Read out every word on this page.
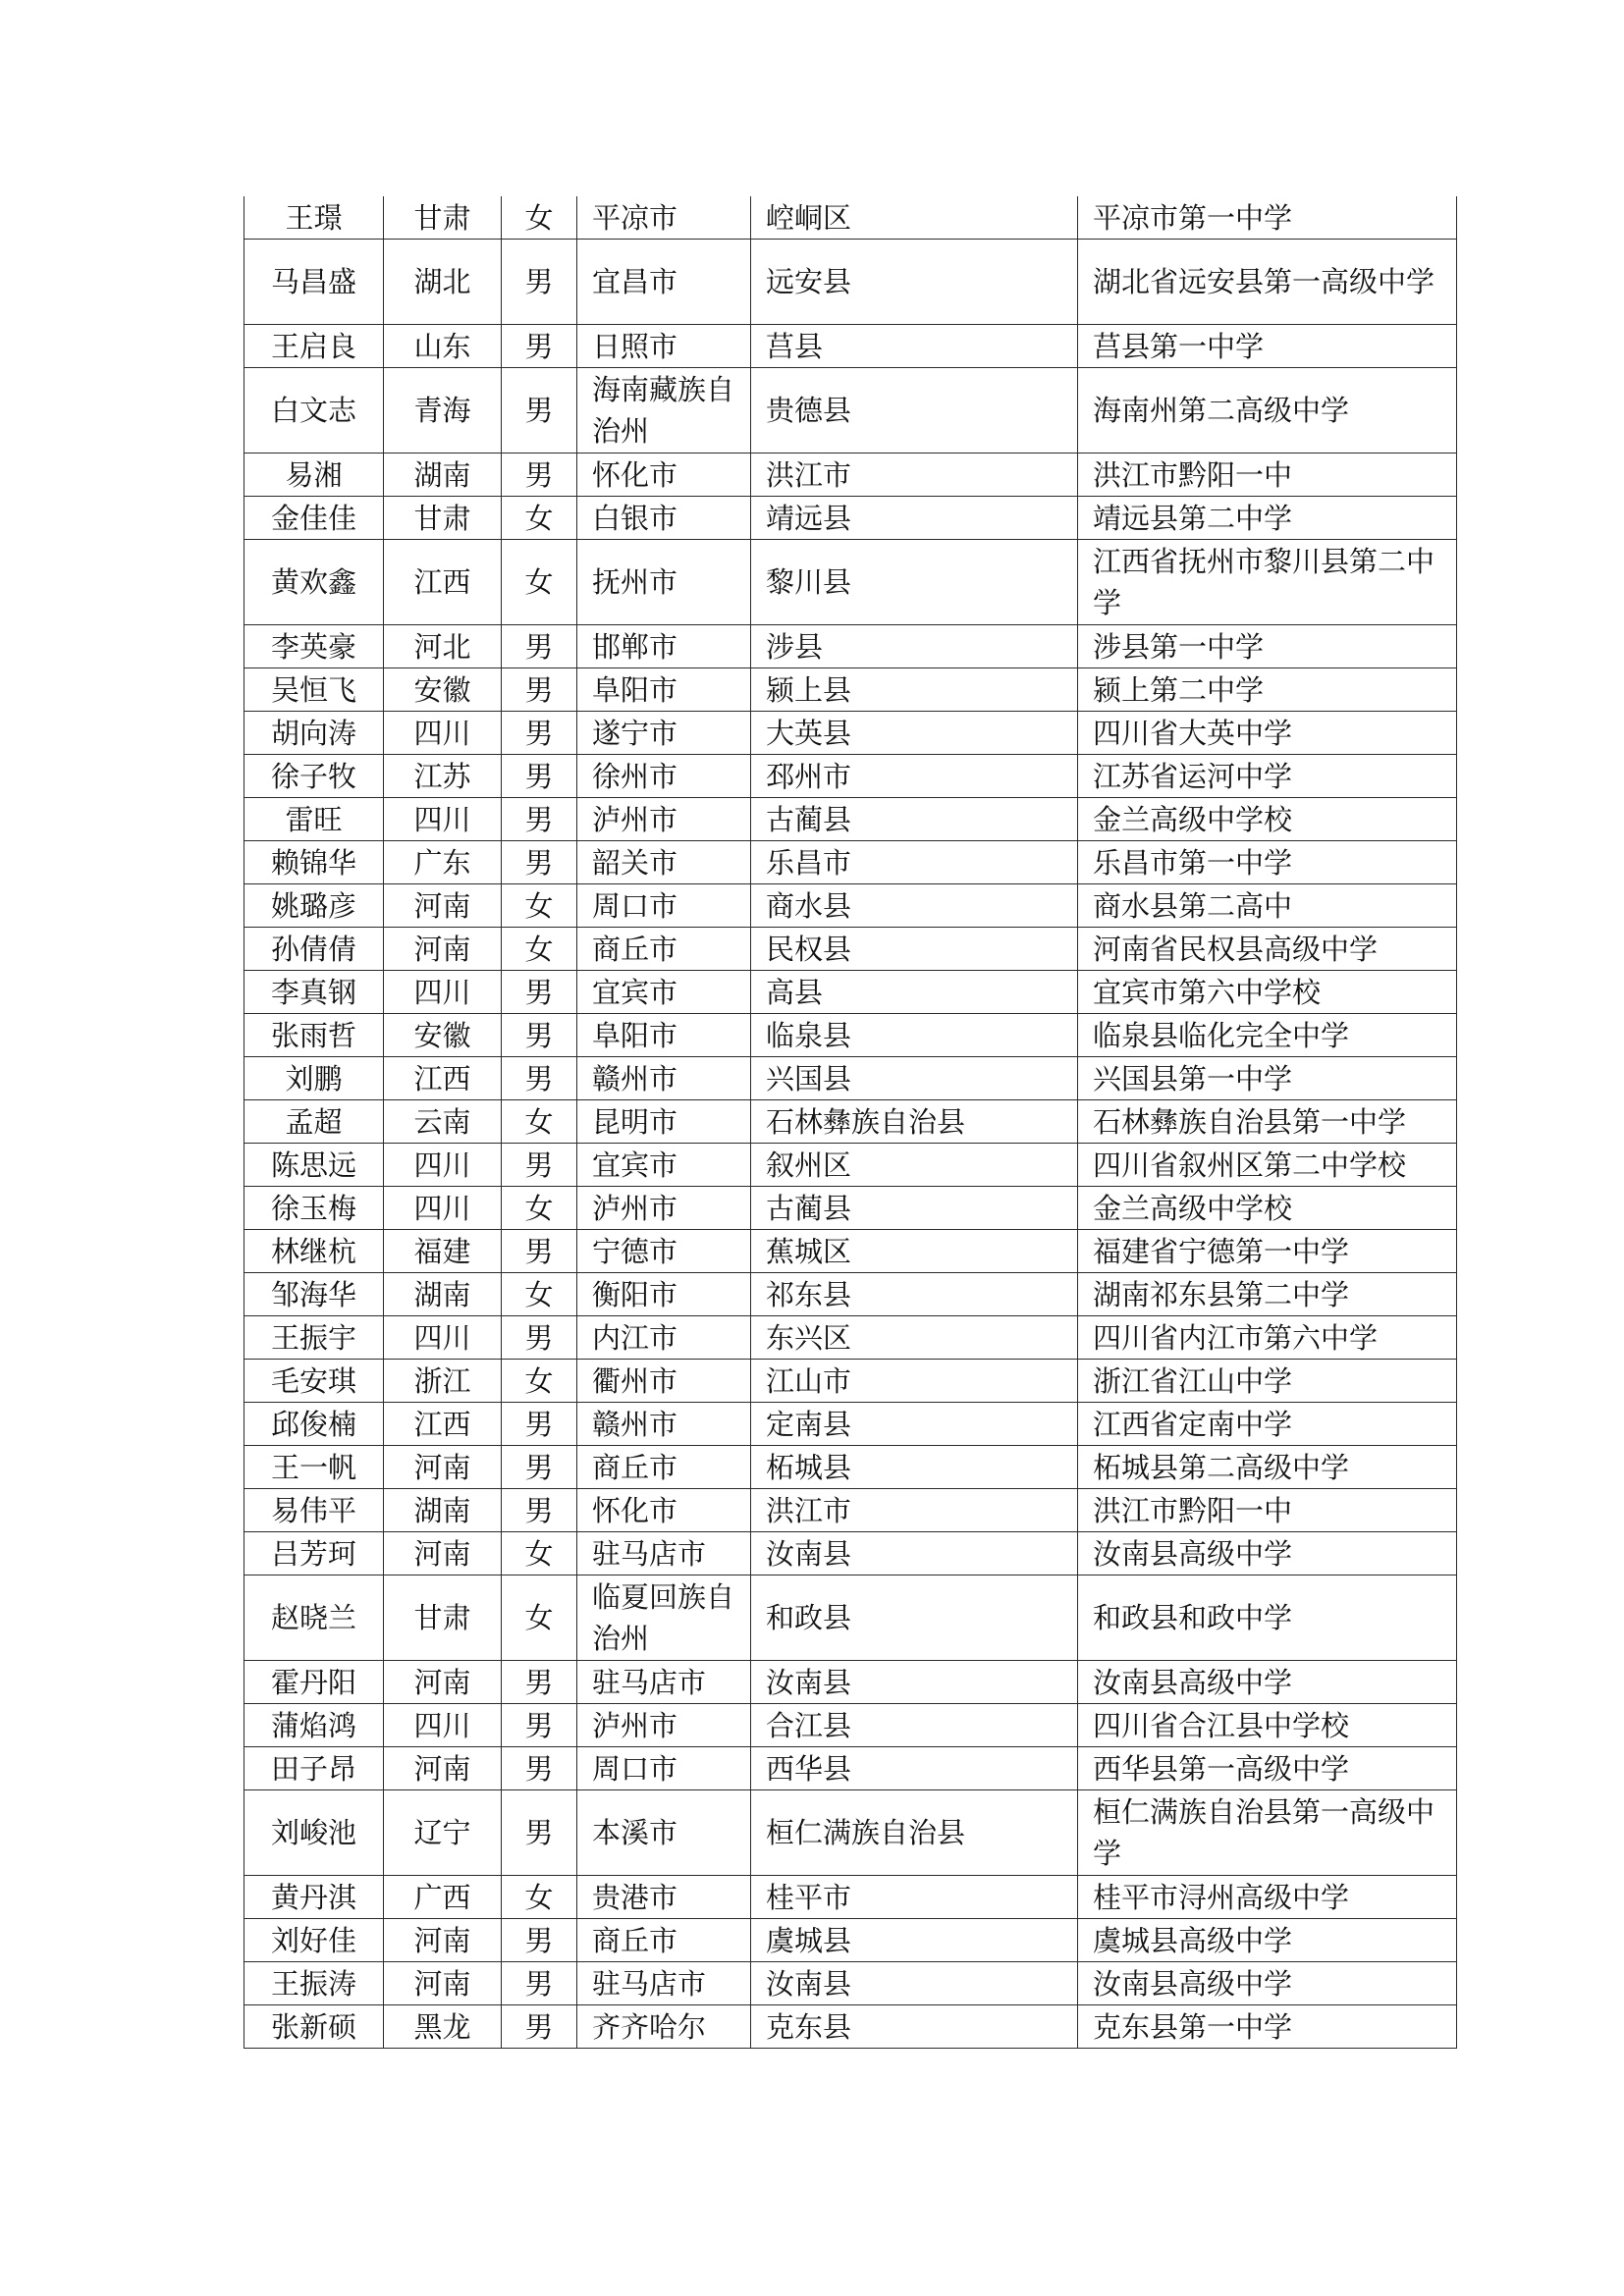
王璟	甘肃	女	平凉市	崆峒区	平凉市第一中学
马昌盛	湖北	男	宜昌市	远安县	湖北省远安县第一高级中学
王启良	山东	男	日照市	莒县	莒县第一中学
白文志	青海	男	海南藏族自治州	贵德县	海南州第二高级中学
易湘	湖南	男	怀化市	洪江市	洪江市黔阳一中
金佳佳	甘肃	女	白银市	靖远县	靖远县第二中学
黄欢鑫	江西	女	抚州市	黎川县	江西省抚州市黎川县第二中学
李英豪	河北	男	邯郸市	涉县	涉县第一中学
吴恒飞	安徽	男	阜阳市	颍上县	颍上第二中学
胡向涛	四川	男	遂宁市	大英县	四川省大英中学
徐子牧	江苏	男	徐州市	邳州市	江苏省运河中学
雷旺	四川	男	泸州市	古蔺县	金兰高级中学校
赖锦华	广东	男	韶关市	乐昌市	乐昌市第一中学
姚璐彦	河南	女	周口市	商水县	商水县第二高中
孙倩倩	河南	女	商丘市	民权县	河南省民权县高级中学
李真钢	四川	男	宜宾市	高县	宜宾市第六中学校
张雨哲	安徽	男	阜阳市	临泉县	临泉县临化完全中学
刘鹏	江西	男	赣州市	兴国县	兴国县第一中学
孟超	云南	女	昆明市	石林彝族自治县	石林彝族自治县第一中学
陈思远	四川	男	宜宾市	叙州区	四川省叙州区第二中学校
徐玉梅	四川	女	泸州市	古蔺县	金兰高级中学校
林继杭	福建	男	宁德市	蕉城区	福建省宁德第一中学
邹海华	湖南	女	衡阳市	祁东县	湖南祁东县第二中学
王振宇	四川	男	内江市	东兴区	四川省内江市第六中学
毛安琪	浙江	女	衢州市	江山市	浙江省江山中学
邱俊楠	江西	男	赣州市	定南县	江西省定南中学
王一帆	河南	男	商丘市	柘城县	柘城县第二高级中学
易伟平	湖南	男	怀化市	洪江市	洪江市黔阳一中
吕芳珂	河南	女	驻马店市	汝南县	汝南县高级中学
赵晓兰	甘肃	女	临夏回族自治州	和政县	和政县和政中学
霍丹阳	河南	男	驻马店市	汝南县	汝南县高级中学
蒲焰鸿	四川	男	泸州市	合江县	四川省合江县中学校
田子昂	河南	男	周口市	西华县	西华县第一高级中学
刘峻池	辽宁	男	本溪市	桓仁满族自治县	桓仁满族自治县第一高级中学
黄丹淇	广西	女	贵港市	桂平市	桂平市浔州高级中学
刘好佳	河南	男	商丘市	虞城县	虞城县高级中学
王振涛	河南	男	驻马店市	汝南县	汝南县高级中学
张新硕	黑龙	男	齐齐哈尔	克东县	克东县第一中学
